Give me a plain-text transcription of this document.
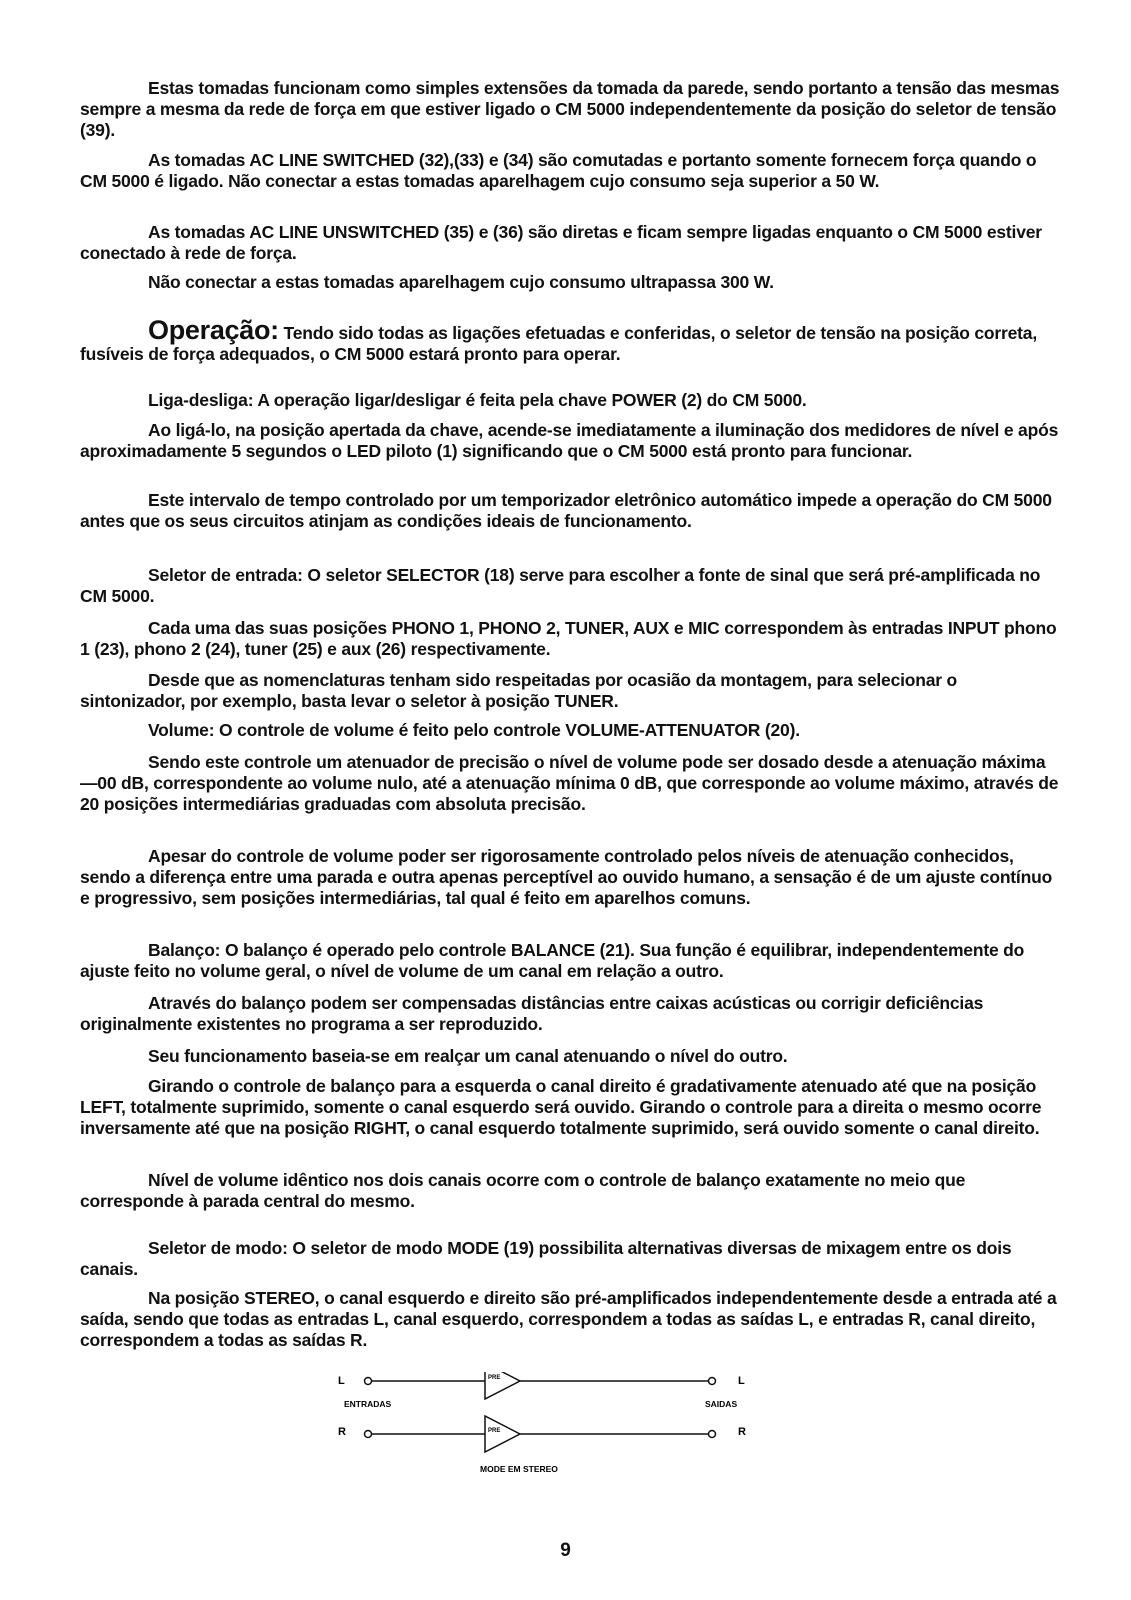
Estas tomadas funcionam como simples extensões da tomada da parede, sendo portanto a tensão das mesmas sempre a mesma da rede de força em que estiver ligado o CM 5000 independentemente da posição do seletor de tensão (39).
As tomadas AC LINE SWITCHED (32),(33) e (34) são comutadas e portanto somente fornecem força quando o CM 5000 é ligado. Não conectar a estas tomadas aparelhagem cujo consumo seja superior a 50 W.
As tomadas AC LINE UNSWITCHED (35) e (36) são diretas e ficam sempre ligadas enquanto o CM 5000 estiver conectado à rede de força.
Não conectar a estas tomadas aparelhagem cujo consumo ultrapassa 300 W.
Operação: Tendo sido todas as ligações efetuadas e conferidas, o seletor de tensão na posição correta, fusíveis de força adequados, o CM 5000 estará pronto para operar.
Liga-desliga: A operação ligar/desligar é feita pela chave POWER (2) do CM 5000.
Ao ligá-lo, na posição apertada da chave, acende-se imediatamente a iluminação dos medidores de nível e após aproximadamente 5 segundos o LED piloto (1) significando que o CM 5000 está pronto para funcionar.
Este intervalo de tempo controlado por um temporizador eletrônico automático impede a operação do CM 5000 antes que os seus circuitos atinjam as condições ideais de funcionamento.
Seletor de entrada: O seletor SELECTOR (18) serve para escolher a fonte de sinal que será pré-amplificada no CM 5000.
Cada uma das suas posições PHONO 1, PHONO 2, TUNER, AUX e MIC correspondem às entradas INPUT phono 1 (23), phono 2 (24), tuner (25) e aux (26) respectivamente.
Desde que as nomenclaturas tenham sido respeitadas por ocasião da montagem, para selecionar o sintonizador, por exemplo, basta levar o seletor à posição TUNER.
Volume: O controle de volume é feito pelo controle VOLUME-ATTENUATOR (20).
Sendo este controle um atenuador de precisão o nível de volume pode ser dosado desde a atenuação máxima —00 dB, correspondente ao volume nulo, até a atenuação mínima 0 dB, que corresponde ao volume máximo, através de 20 posições intermediárias graduadas com absoluta precisão.
Apesar do controle de volume poder ser rigorosamente controlado pelos níveis de atenuação conhecidos, sendo a diferença entre uma parada e outra apenas perceptível ao ouvido humano, a sensação é de um ajuste contínuo e progressivo, sem posições intermediárias, tal qual é feito em aparelhos comuns.
Balanço: O balanço é operado pelo controle BALANCE (21). Sua função é equilibrar, independentemente do ajuste feito no volume geral, o nível de volume de um canal em relação a outro.
Através do balanço podem ser compensadas distâncias entre caixas acústicas ou corrigir deficiências originalmente existentes no programa a ser reproduzido.
Seu funcionamento baseia-se em realçar um canal atenuando o nível do outro.
Girando o controle de balanço para a esquerda o canal direito é gradativamente atenuado até que na posição LEFT, totalmente suprimido, somente o canal esquerdo será ouvido. Girando o controle para a direita o mesmo ocorre inversamente até que na posição RIGHT, o canal esquerdo totalmente suprimido, será ouvido somente o canal direito.
Nível de volume idêntico nos dois canais ocorre com o controle de balanço exatamente no meio que corresponde à parada central do mesmo.
Seletor de modo: O seletor de modo MODE (19) possibilita alternativas diversas de mixagem entre os dois canais.
Na posição STEREO, o canal esquerdo e direito são pré-amplificados independentemente desde a entrada até a saída, sendo que todas as entradas L, canal esquerdo, correspondem a todas as saídas L, e entradas R, canal direito, correspondem a todas as saídas R.
L	PRE	L
ENTRADAS	SAIDAS
R	PRE	R
MODE EM STEREO
9
